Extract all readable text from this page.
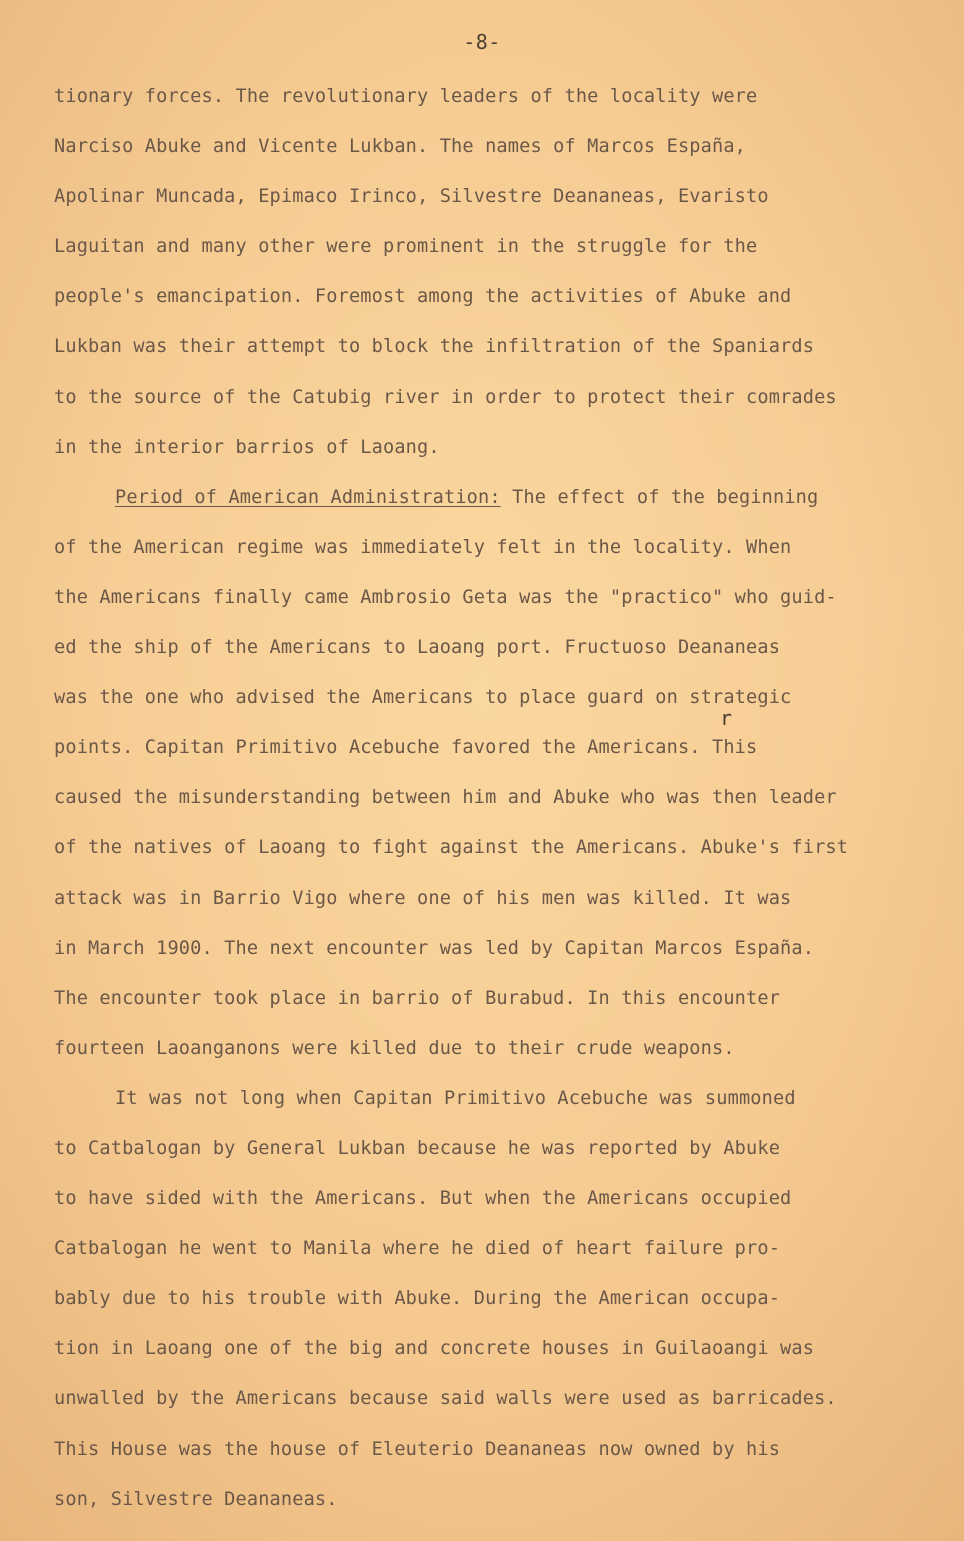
-8-
tionary forces. The revolutionary leaders of the locality were
Narciso Abuke and Vicente Lukban. The names of Marcos España,
Apolinar Muncada, Epimaco Irinco, Silvestre Deananeas, Evaristo
Laguitan and many other were prominent in the struggle for the
people's emancipation. Foremost among the activities of Abuke and
Lukban was their attempt to block the infiltration of the Spaniards
to the source of the Catubig river in order to protect their comrades
in the interior barrios of Laoang.
Period of American Administration: The effect of the beginning
of the American regime was immediately felt in the locality. When
the Americans finally came Ambrosio Geta was the "practico" who guid-
ed the ship of the Americans to Laoang port. Fructuoso Deananeas
was the one who advised the Americans to place guard on strategic
points. Capitan Primitivo Acebuche favored the Americans. This
caused the misunderstanding between him and Abuke who was then leader
of the natives of Laoang to fight against the Americans. Abuke's first
attack was in Barrio Vigo where one of his men was killed. It was
in March 1900. The next encounter was led by Capitan Marcos España.
The encounter took place in barrio of Burabud. In this encounter
fourteen Laoanganons were killed due to their crude weapons.
It was not long when Capitan Primitivo Acebuche was summoned
to Catbalogan by General Lukban because he was reported by Abuke
to have sided with the Americans. But when the Americans occupied
Catbalogan he went to Manila where he died of heart failure pro-
bably due to his trouble with Abuke. During the American occupa-
tion in Laoang one of the big and concrete houses in Guilaoangi was
unwalled by the Americans because said walls were used as barricades.
This House was the house of Eleuterio Deananeas now owned by his
son, Silvestre Deananeas.
r
